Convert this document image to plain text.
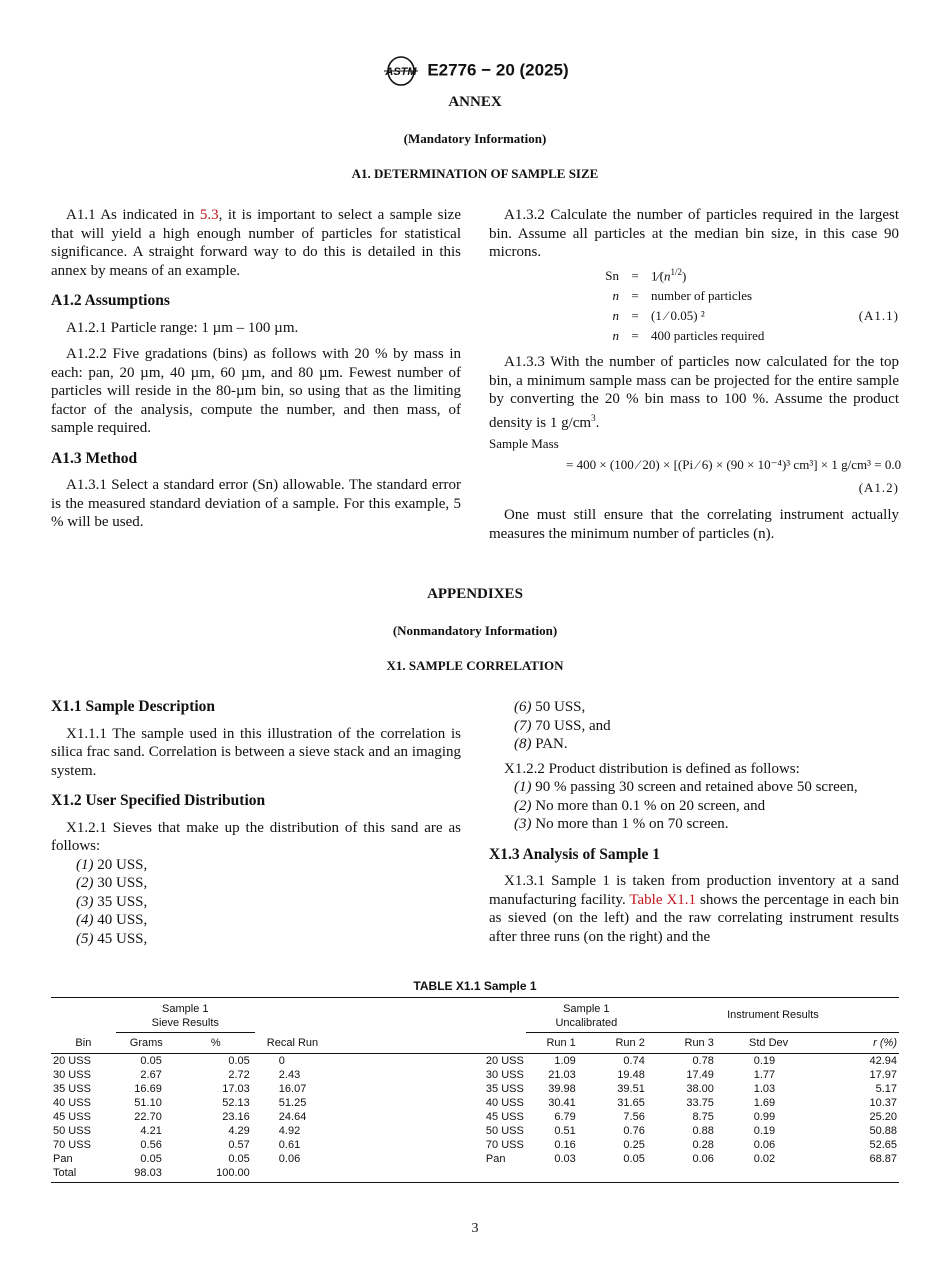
ASTM E2776 − 20 (2025)
ANNEX
(Mandatory Information)
A1. DETERMINATION OF SAMPLE SIZE

A1.1 As indicated in 5.3, it is important to select a sample size that will yield a high enough number of particles for statistical significance. A straight forward way to do this is detailed in this annex by means of an example.

A1.2 Assumptions

A1.2.1 Particle range: 1 µm – 100 µm.

A1.2.2 Five gradations (bins) as follows with 20 % by mass in each: pan, 20 µm, 40 µm, 60 µm, and 80 µm. Fewest number of particles will reside in the 80-µm bin, so using that as the limiting factor of the analysis, compute the number, and then mass, of sample required.

A1.3 Method

A1.3.1 Select a standard error (Sn) allowable. The standard error is the measured standard deviation of a sample. For this example, 5 % will be used.

A1.3.2 Calculate the number of particles required in the largest bin. Assume all particles at the median bin size, in this case 90 microns.

$Sn = 1⁄(n^{1/2})$
n = number of particles
n = (1 ⁄ 0.05) ²	(A1.1)
n = 400 particles required

A1.3.3 With the number of particles now calculated for the top bin, a minimum sample mass can be projected for the entire sample by converting the 20 % bin mass to 100 %. Assume the product density is 1 $g/cm^3$.

Sample Mass
= 400 × (100 ⁄ 20) × [(Pi ⁄ 6) × (90 × 10⁻⁴)³ cm³] × 1 g/cm³ = 0.0
(A1.2)

One must still ensure that the correlating instrument actually measures the minimum number of particles (n).

APPENDIXES
(Nonmandatory Information)
X1. SAMPLE CORRELATION

X1.1 Sample Description

X1.1.1 The sample used in this illustration of the correlation is silica frac sand. Correlation is between a sieve stack and an imaging system.

X1.2 User Specified Distribution

X1.2.1 Sieves that make up the distribution of this sand are as follows:

(1) 20 USS,

(2) 30 USS,

(3) 35 USS,

(4) 40 USS,

(5) 45 USS,

(6) 50 USS,

(7) 70 USS, and

(8) PAN.

X1.2.2 Product distribution is defined as follows:

(1) 90 % passing 30 screen and retained above 50 screen,

(2) No more than 0.1 % on 20 screen, and

(3) No more than 1 % on 70 screen.

X1.3 Analysis of Sample 1

X1.3.1 Sample 1 is taken from production inventory at a sand manufacturing facility. Table X1.1 shows the percentage in each bin as sieved (on the left) and the raw correlating instrument results after three runs (on the right) and the

TABLE X1.1 Sample 1
	Sample 1
Sieve Results				Sample 1
Uncalibrated		Instrument Results		
Bin	Grams	%	Recal Run		Run 1	Run 2	Run 3	Std Dev	r (%)
20 USS	0.05	0.05	0	20 USS	1.09	0.74	0.78	0.19	42.94
30 USS	2.67	2.72	2.43	30 USS	21.03	19.48	17.49	1.77	17.97
35 USS	16.69	17.03	16.07	35 USS	39.98	39.51	38.00	1.03	5.17
40 USS	51.10	52.13	51.25	40 USS	30.41	31.65	33.75	1.69	10.37
45 USS	22.70	23.16	24.64	45 USS	6.79	7.56	8.75	0.99	25.20
50 USS	4.21	4.29	4.92	50 USS	0.51	0.76	0.88	0.19	50.88
70 USS	0.56	0.57	0.61	70 USS	0.16	0.25	0.28	0.06	52.65
Pan	0.05	0.05	0.06	Pan	0.03	0.05	0.06	0.02	68.87
Total	98.03	100.00							
3
